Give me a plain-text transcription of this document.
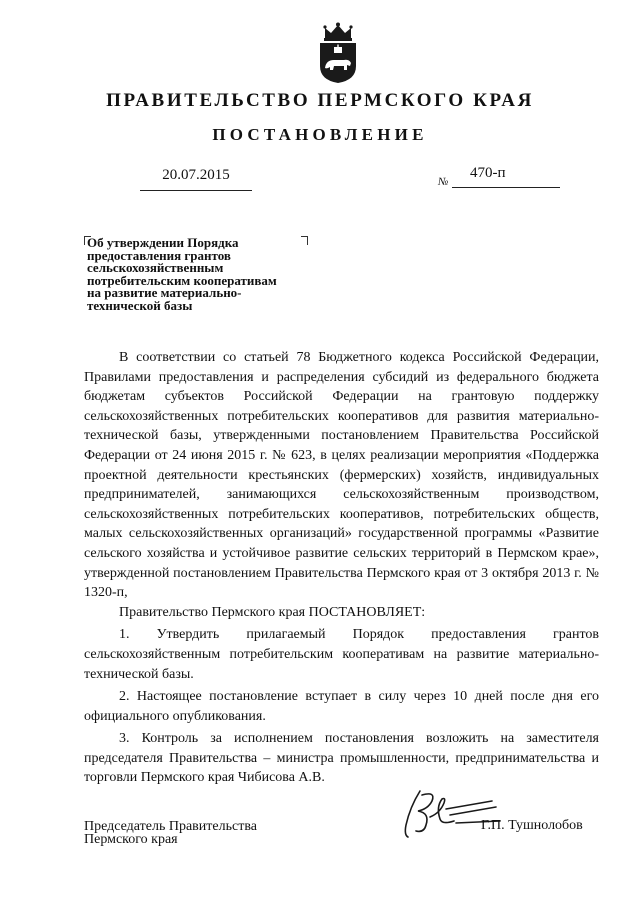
ПРАВИТЕЛЬСТВО ПЕРМСКОГО КРАЯ
ПОСТАНОВЛЕНИЕ
20.07.2015	№
470-п
Об утверждении Порядка
предоставления грантов
сельскохозяйственным
потребительским кооперативам
на развитие материально-
технической базы

В соответствии со статьей 78 Бюджетного кодекса Российской Федерации, Правилами предоставления и распределения субсидий из федерального бюджета бюджетам субъектов Российской Федерации на грантовую поддержку сельскохозяйственных потребительских кооперативов для развития материально-технической базы, утвержденными постановлением Правительства Российской Федерации от 24 июня 2015 г. № 623, в целях реализации мероприятия «Поддержка проектной деятельности крестьянских (фермерских) хозяйств, индивидуальных предпринимателей, занимающихся сельскохозяйственным производством, сельскохозяйственных потребительских кооперативов, потребительских обществ, малых сельскохозяйственных организаций» государственной программы «Развитие сельского хозяйства и устойчивое развитие сельских территорий в Пермском крае», утвержденной постановлением Правительства Пермского края от 3 октября 2013 г. № 1320-п,

Правительство Пермского края ПОСТАНОВЛЯЕТ:

1. Утвердить прилагаемый Порядок предоставления грантов сельскохозяйственным потребительским кооперативам на развитие материально-технической базы.

2. Настоящее постановление вступает в силу через 10 дней после дня его официального опубликования.

3. Контроль за исполнением постановления возложить на заместителя председателя Правительства – министра промышленности, предпринимательства и торговли Пермского края Чибисова А.В.

Председатель Правительства
Пермского края
Г.П. Тушнолобов
